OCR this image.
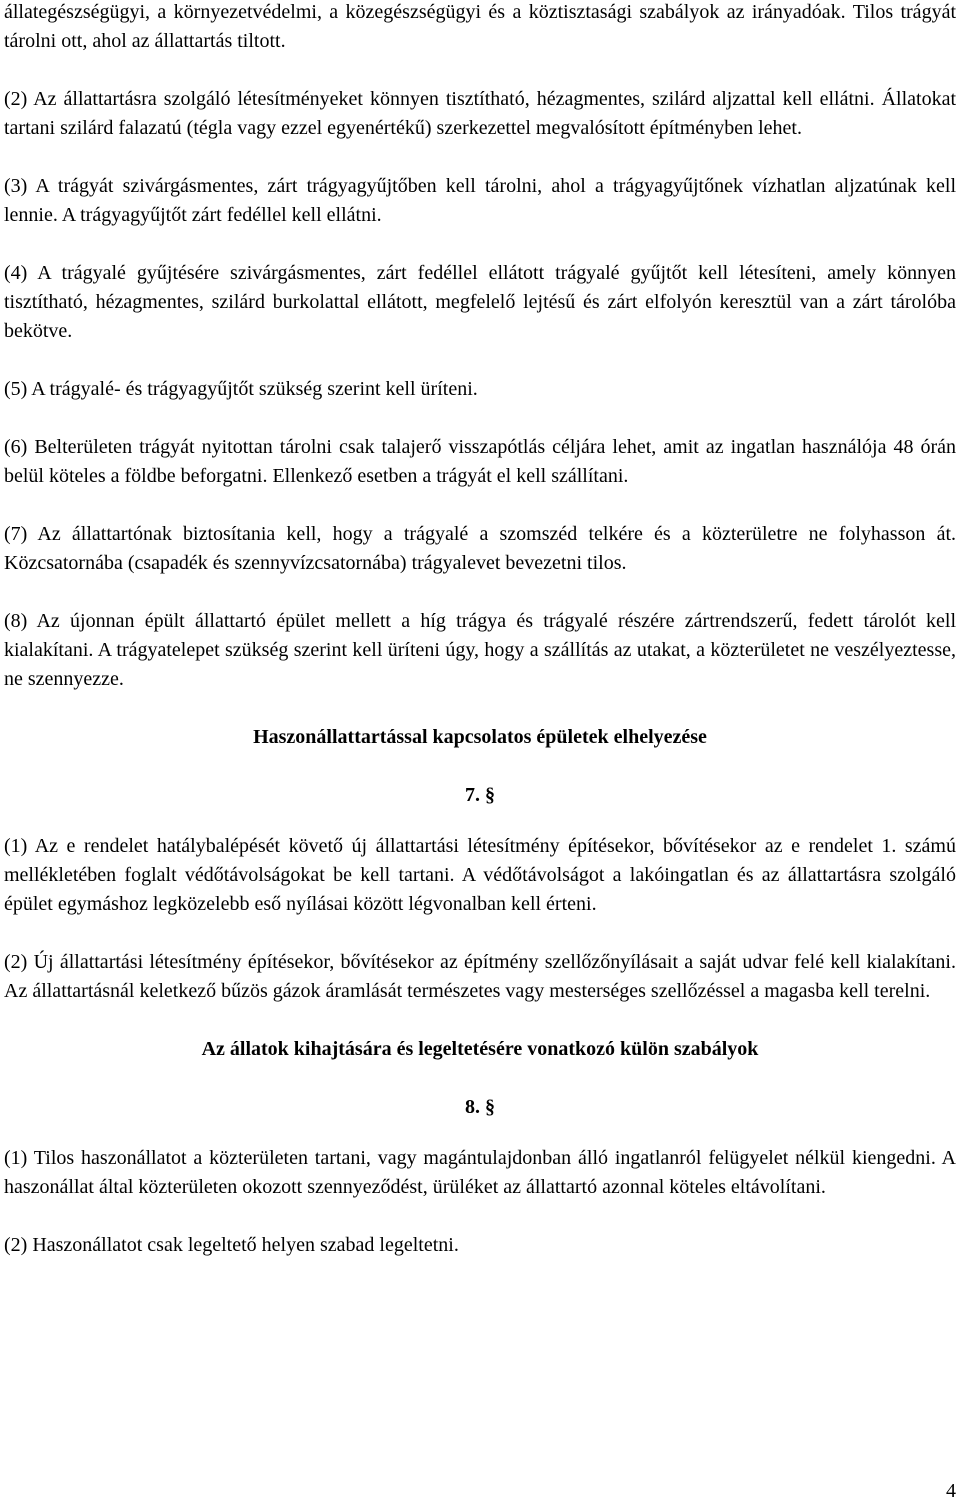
állategészségügyi, a környezetvédelmi, a közegészségügyi és a köztisztasági szabályok az irányadóak. Tilos trágyát tárolni ott, ahol az állattartás tiltott.

(2) Az állattartásra szolgáló létesítményeket könnyen tisztítható, hézagmentes, szilárd aljzattal kell ellátni. Állatokat tartani szilárd falazatú (tégla vagy ezzel egyenértékű) szerkezettel megvalósított építményben lehet.

(3) A trágyát szivárgásmentes, zárt trágyagyűjtőben kell tárolni, ahol a trágyagyűjtőnek vízhatlan aljzatúnak kell lennie. A trágyagyűjtőt zárt fedéllel kell ellátni.

(4) A trágyalé gyűjtésére szivárgásmentes, zárt fedéllel ellátott trágyalé gyűjtőt kell létesíteni, amely könnyen tisztítható, hézagmentes, szilárd burkolattal ellátott, megfelelő lejtésű és zárt elfolyón keresztül van a zárt tárolóba bekötve.

(5) A trágyalé- és trágyagyűjtőt szükség szerint kell üríteni.

(6) Belterületen trágyát nyitottan tárolni csak talajerő visszapótlás céljára lehet, amit az ingatlan használója 48 órán belül köteles a földbe beforgatni. Ellenkező esetben a trágyát el kell szállítani.

(7) Az állattartónak biztosítania kell, hogy a trágyalé a szomszéd telkére és a közterületre ne folyhasson át. Közcsatornába (csapadék és szennyvízcsatornába) trágyalevet bevezetni tilos.

(8) Az újonnan épült állattartó épület mellett a híg trágya és trágyalé részére zártrendszerű, fedett tárolót kell kialakítani. A trágyatelepet szükség szerint kell üríteni úgy, hogy a szállítás az utakat, a közterületet ne veszélyeztesse, ne szennyezze.

Haszonállattartással kapcsolatos épületek elhelyezése

7. §

(1) Az e rendelet hatálybalépését követő új állattartási létesítmény építésekor, bővítésekor az e rendelet 1. számú mellékletében foglalt védőtávolságokat be kell tartani. A védőtávolságot a lakóingatlan és az állattartásra szolgáló épület egymáshoz legközelebb eső nyílásai között légvonalban kell érteni.

(2) Új állattartási létesítmény építésekor, bővítésekor az építmény szellőzőnyílásait a saját udvar felé kell kialakítani. Az állattartásnál keletkező bűzös gázok áramlását természetes vagy mesterséges szellőzéssel a magasba kell terelni.

Az állatok kihajtására és legeltetésére vonatkozó külön szabályok

8. §

(1) Tilos haszonállatot a közterületen tartani, vagy magántulajdonban álló ingatlanról felügyelet nélkül kiengedni. A haszonállat által közterületen okozott szennyeződést, ürüléket az állattartó azonnal köteles eltávolítani.

(2) Haszonállatot csak legeltető helyen szabad legeltetni.

4
